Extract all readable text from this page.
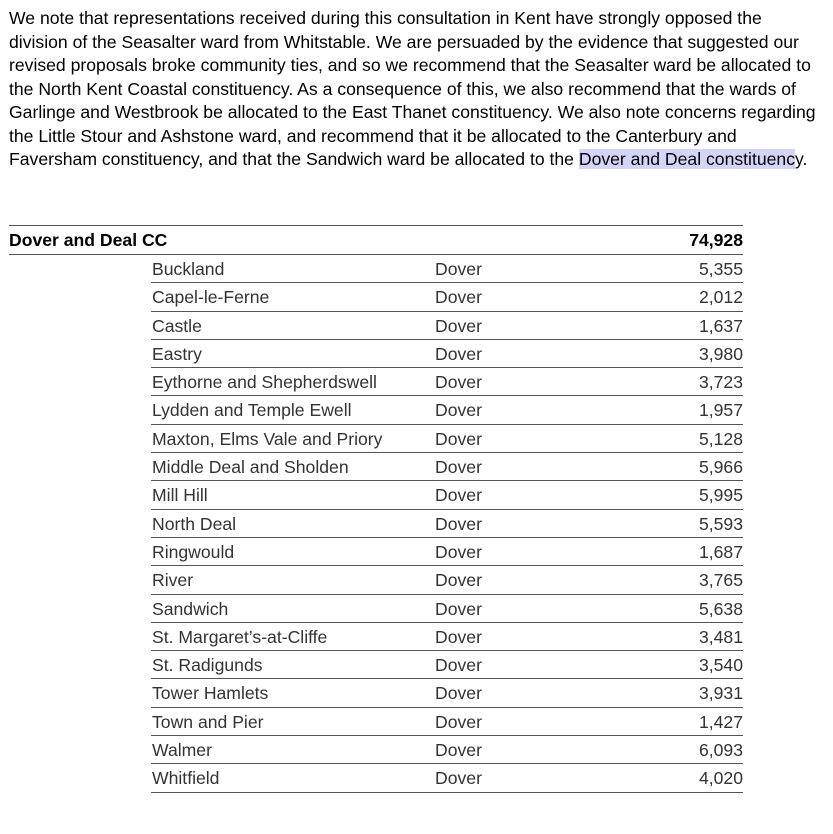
We note that representations received during this consultation in Kent have strongly opposed the division of the Seasalter ward from Whitstable. We are persuaded by the evidence that suggested our revised proposals broke community ties, and so we recommend that the Seasalter ward be allocated to the North Kent Coastal constituency. As a consequence of this, we also recommend that the wards of Garlinge and Westbrook be allocated to the East Thanet constituency. We also note concerns regarding the Little Stour and Ashstone ward, and recommend that it be allocated to the Canterbury and Faversham constituency, and that the Sandwich ward be allocated to the Dover and Deal constituency.

Dover and Deal CC	74,928
Buckland	Dover	5,355
Capel-le-Ferne	Dover	2,012
Castle	Dover	1,637
Eastry	Dover	3,980
Eythorne and Shepherdswell	Dover	3,723
Lydden and Temple Ewell	Dover	1,957
Maxton, Elms Vale and Priory	Dover	5,128
Middle Deal and Sholden	Dover	5,966
Mill Hill	Dover	5,995
North Deal	Dover	5,593
Ringwould	Dover	1,687
River	Dover	3,765
Sandwich	Dover	5,638
St. Margaret’s-at-Cliffe	Dover	3,481
St. Radigunds	Dover	3,540
Tower Hamlets	Dover	3,931
Town and Pier	Dover	1,427
Walmer	Dover	6,093
Whitfield	Dover	4,020
